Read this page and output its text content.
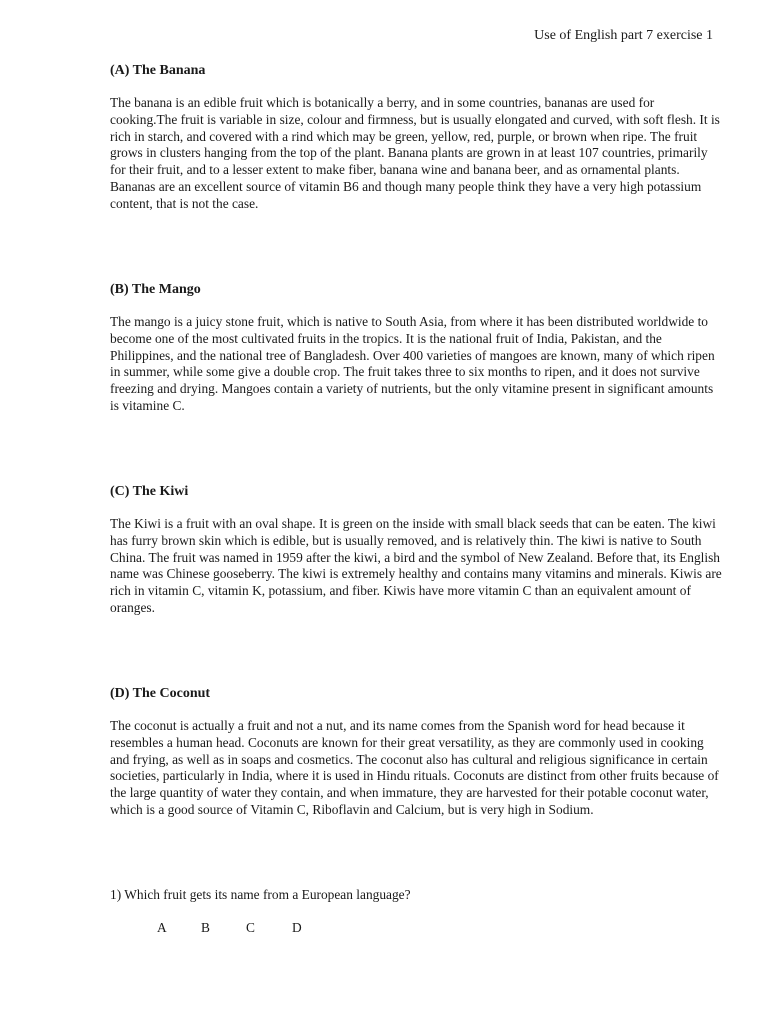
Use of English part 7 exercise 1
(A) The Banana
The banana is an edible fruit which is botanically a berry, and in some countries, bananas are used for cooking.The fruit is variable in size, colour and firmness, but is usually elongated and curved, with soft flesh. It is rich in starch, and covered with a rind which may be green, yellow, red, purple, or brown when ripe. The fruit grows in clusters hanging from the top of the plant. Banana plants are grown in at least 107 countries, primarily for their fruit, and to a lesser extent to make fiber, banana wine and banana beer, and as ornamental plants. Bananas are an excellent source of vitamin B6 and though many people think they have a very high potassium content, that is not the case.
(B) The Mango
The mango is a juicy stone fruit, which is native to South Asia, from where it has been distributed worldwide to become one of the most cultivated fruits in the tropics. It is the national fruit of India, Pakistan, and the Philippines, and the national tree of Bangladesh. Over 400 varieties of mangoes are known, many of which ripen in summer, while some give a double crop. The fruit takes three to six months to ripen, and it does not survive freezing and drying. Mangoes contain a variety of nutrients, but the only vitamine present in significant amounts is vitamine C.
(C) The Kiwi
The Kiwi is a fruit with an oval shape. It is green on the inside with small black seeds that can be eaten. The kiwi has furry brown skin which is edible, but is usually removed, and is relatively thin. The kiwi is native to South China. The fruit was named in 1959 after the kiwi, a bird and the symbol of New Zealand. Before that, its English name was Chinese gooseberry. The kiwi is extremely healthy and contains many vitamins and minerals. Kiwis are rich in vitamin C, vitamin K, potassium, and fiber. Kiwis have more vitamin C than an equivalent amount of oranges.
(D) The Coconut
The coconut is actually a fruit and not a nut, and its name comes from the Spanish word for head because it resembles a human head. Coconuts are known for their great versatility, as they are commonly used in cooking and frying, as well as in soaps and cosmetics. The coconut also has cultural and religious significance in certain societies, particularly in India, where it is used in Hindu rituals. Coconuts are distinct from other fruits because of the large quantity of water they contain, and when immature, they are harvested for their potable coconut water, which is a good source of Vitamin C, Riboflavin and Calcium, but is very high in Sodium.
1) Which fruit gets its name from a European language?
A	B	C	D
